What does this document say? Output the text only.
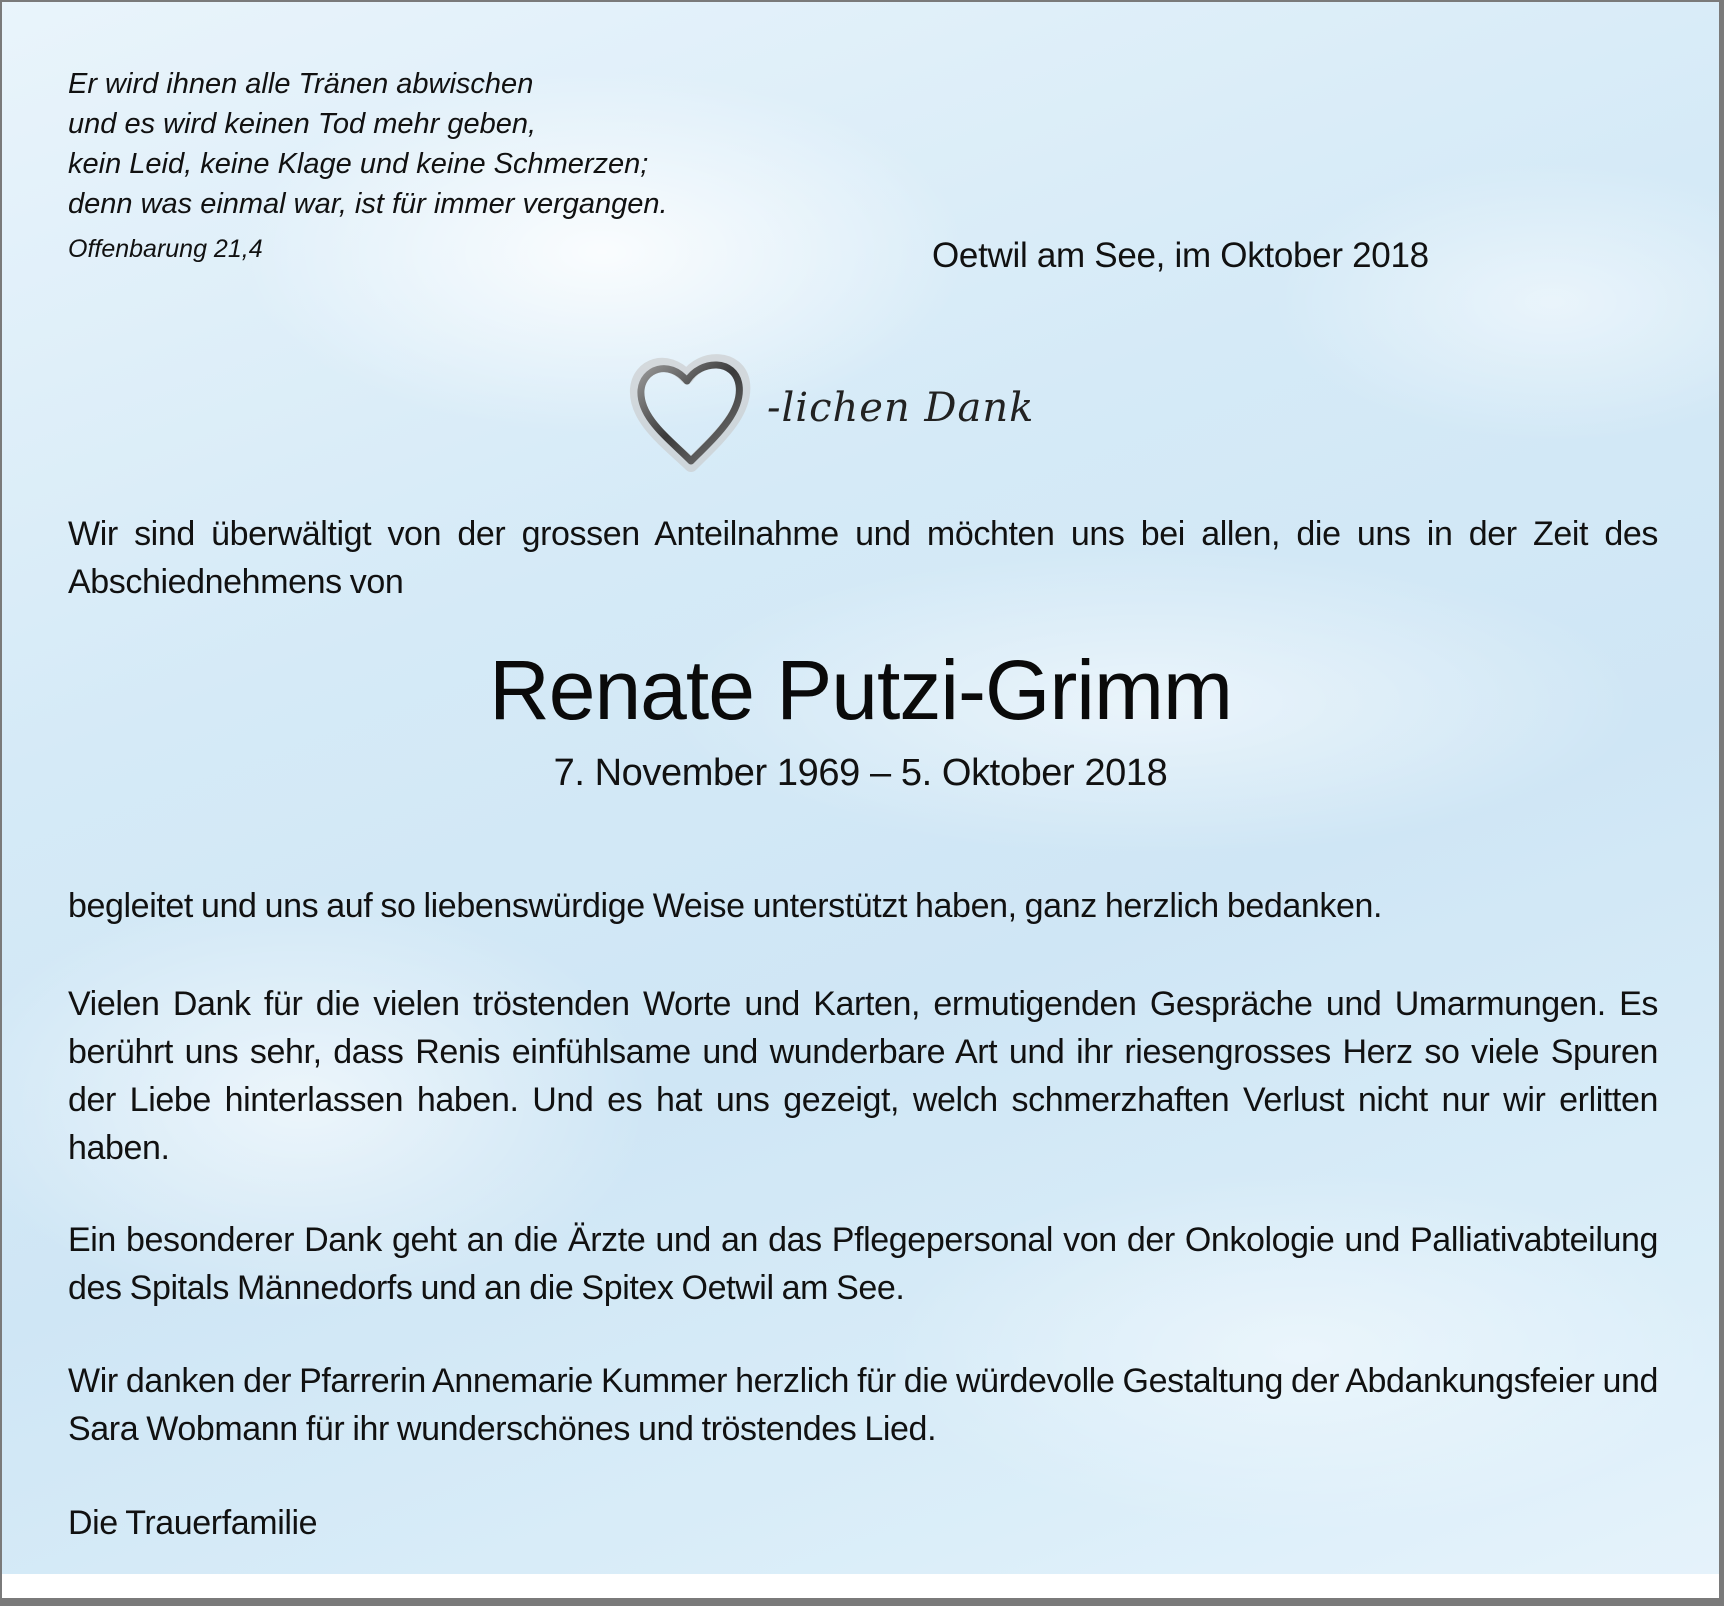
Er wird ihnen alle Tränen abwischen
und es wird keinen Tod mehr geben,
kein Leid, keine Klage und keine Schmerzen;
denn was einmal war, ist für immer vergangen.
Offenbarung 21,4	Oetwil am See, im Oktober 2018
-lichen Dank
Wir sind überwältigt von der grossen Anteilnahme und möchten uns bei allen, die uns in der Zeit des Abschiednehmens von
Renate Putzi-Grimm
7. November 1969 – 5. Oktober 2018
begleitet und uns auf so liebenswürdige Weise unterstützt haben, ganz herzlich bedanken.
Vielen Dank für die vielen tröstenden Worte und Karten, ermutigenden Gespräche und Umarmungen. Es berührt uns sehr, dass Renis einfühlsame und wunderbare Art und ihr riesengrosses Herz so viele Spuren der Liebe hinterlassen haben. Und es hat uns gezeigt, welch schmerzhaften Verlust nicht nur wir erlitten haben.
Ein besonderer Dank geht an die Ärzte und an das Pflegepersonal von der Onkologie und Palliativabteilung des Spitals Männedorfs und an die Spitex Oetwil am See.
Wir danken der Pfarrerin Annemarie Kummer herzlich für die würdevolle Gestaltung der Abdankungsfeier und Sara Wobmann für ihr wunderschönes und tröstendes Lied.
Die Trauerfamilie
